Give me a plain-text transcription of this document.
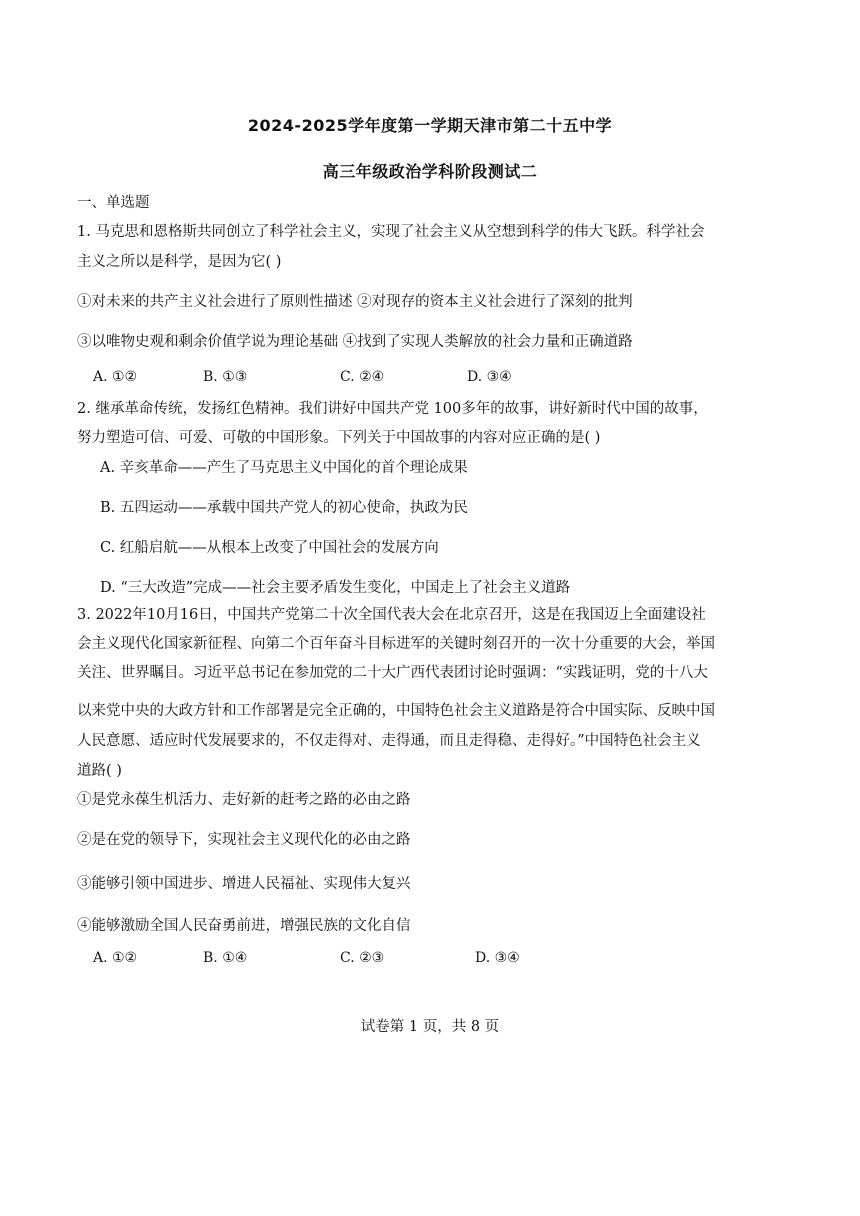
2024-2025学年度第一学期天津市第二十五中学
高三年级政治学科阶段测试二
一、单选题
1. 马克思和恩格斯共同创立了科学社会主义，实现了社会主义从空想到科学的伟大飞跃。科学社会
主义之所以是科学，是因为它( )
①对未来的共产主义社会进行了原则性描述 ②对现存的资本主义社会进行了深刻的批判
③以唯物史观和剩余价值学说为理论基础 ④找到了实现人类解放的社会力量和正确道路
A. ①②	B. ①③	C. ②④	D. ③④
2. 继承革命传统，发扬红色精神。我们讲好中国共产党 100多年的故事，讲好新时代中国的故事，
努力塑造可信、可爱、可敬的中国形象。下列关于中国故事的内容对应正确的是( )
A. 辛亥革命——产生了马克思主义中国化的首个理论成果
B. 五四运动——承载中国共产党人的初心使命，执政为民
C. 红船启航——从根本上改变了中国社会的发展方向
D. “三大改造”完成——社会主要矛盾发生变化，中国走上了社会主义道路
3. 2022年10月16日，中国共产党第二十次全国代表大会在北京召开，这是在我国迈上全面建设社
会主义现代化国家新征程、向第二个百年奋斗目标进军的关键时刻召开的一次十分重要的大会，举国
关注、世界瞩目。习近平总书记在参加党的二十大广西代表团讨论时强调：“实践证明，党的十八大
以来党中央的大政方针和工作部署是完全正确的，中国特色社会主义道路是符合中国实际、反映中国
人民意愿、适应时代发展要求的，不仅走得对、走得通，而且走得稳、走得好。”中国特色社会主义
道路( )
①是党永葆生机活力、走好新的赶考之路的必由之路
②是在党的领导下，实现社会主义现代化的必由之路
③能够引领中国进步、增进人民福祉、实现伟大复兴
④能够激励全国人民奋勇前进，增强民族的文化自信
A. ①②	B. ①④	C. ②③	D. ③④
试卷第 1 页，共 8 页
